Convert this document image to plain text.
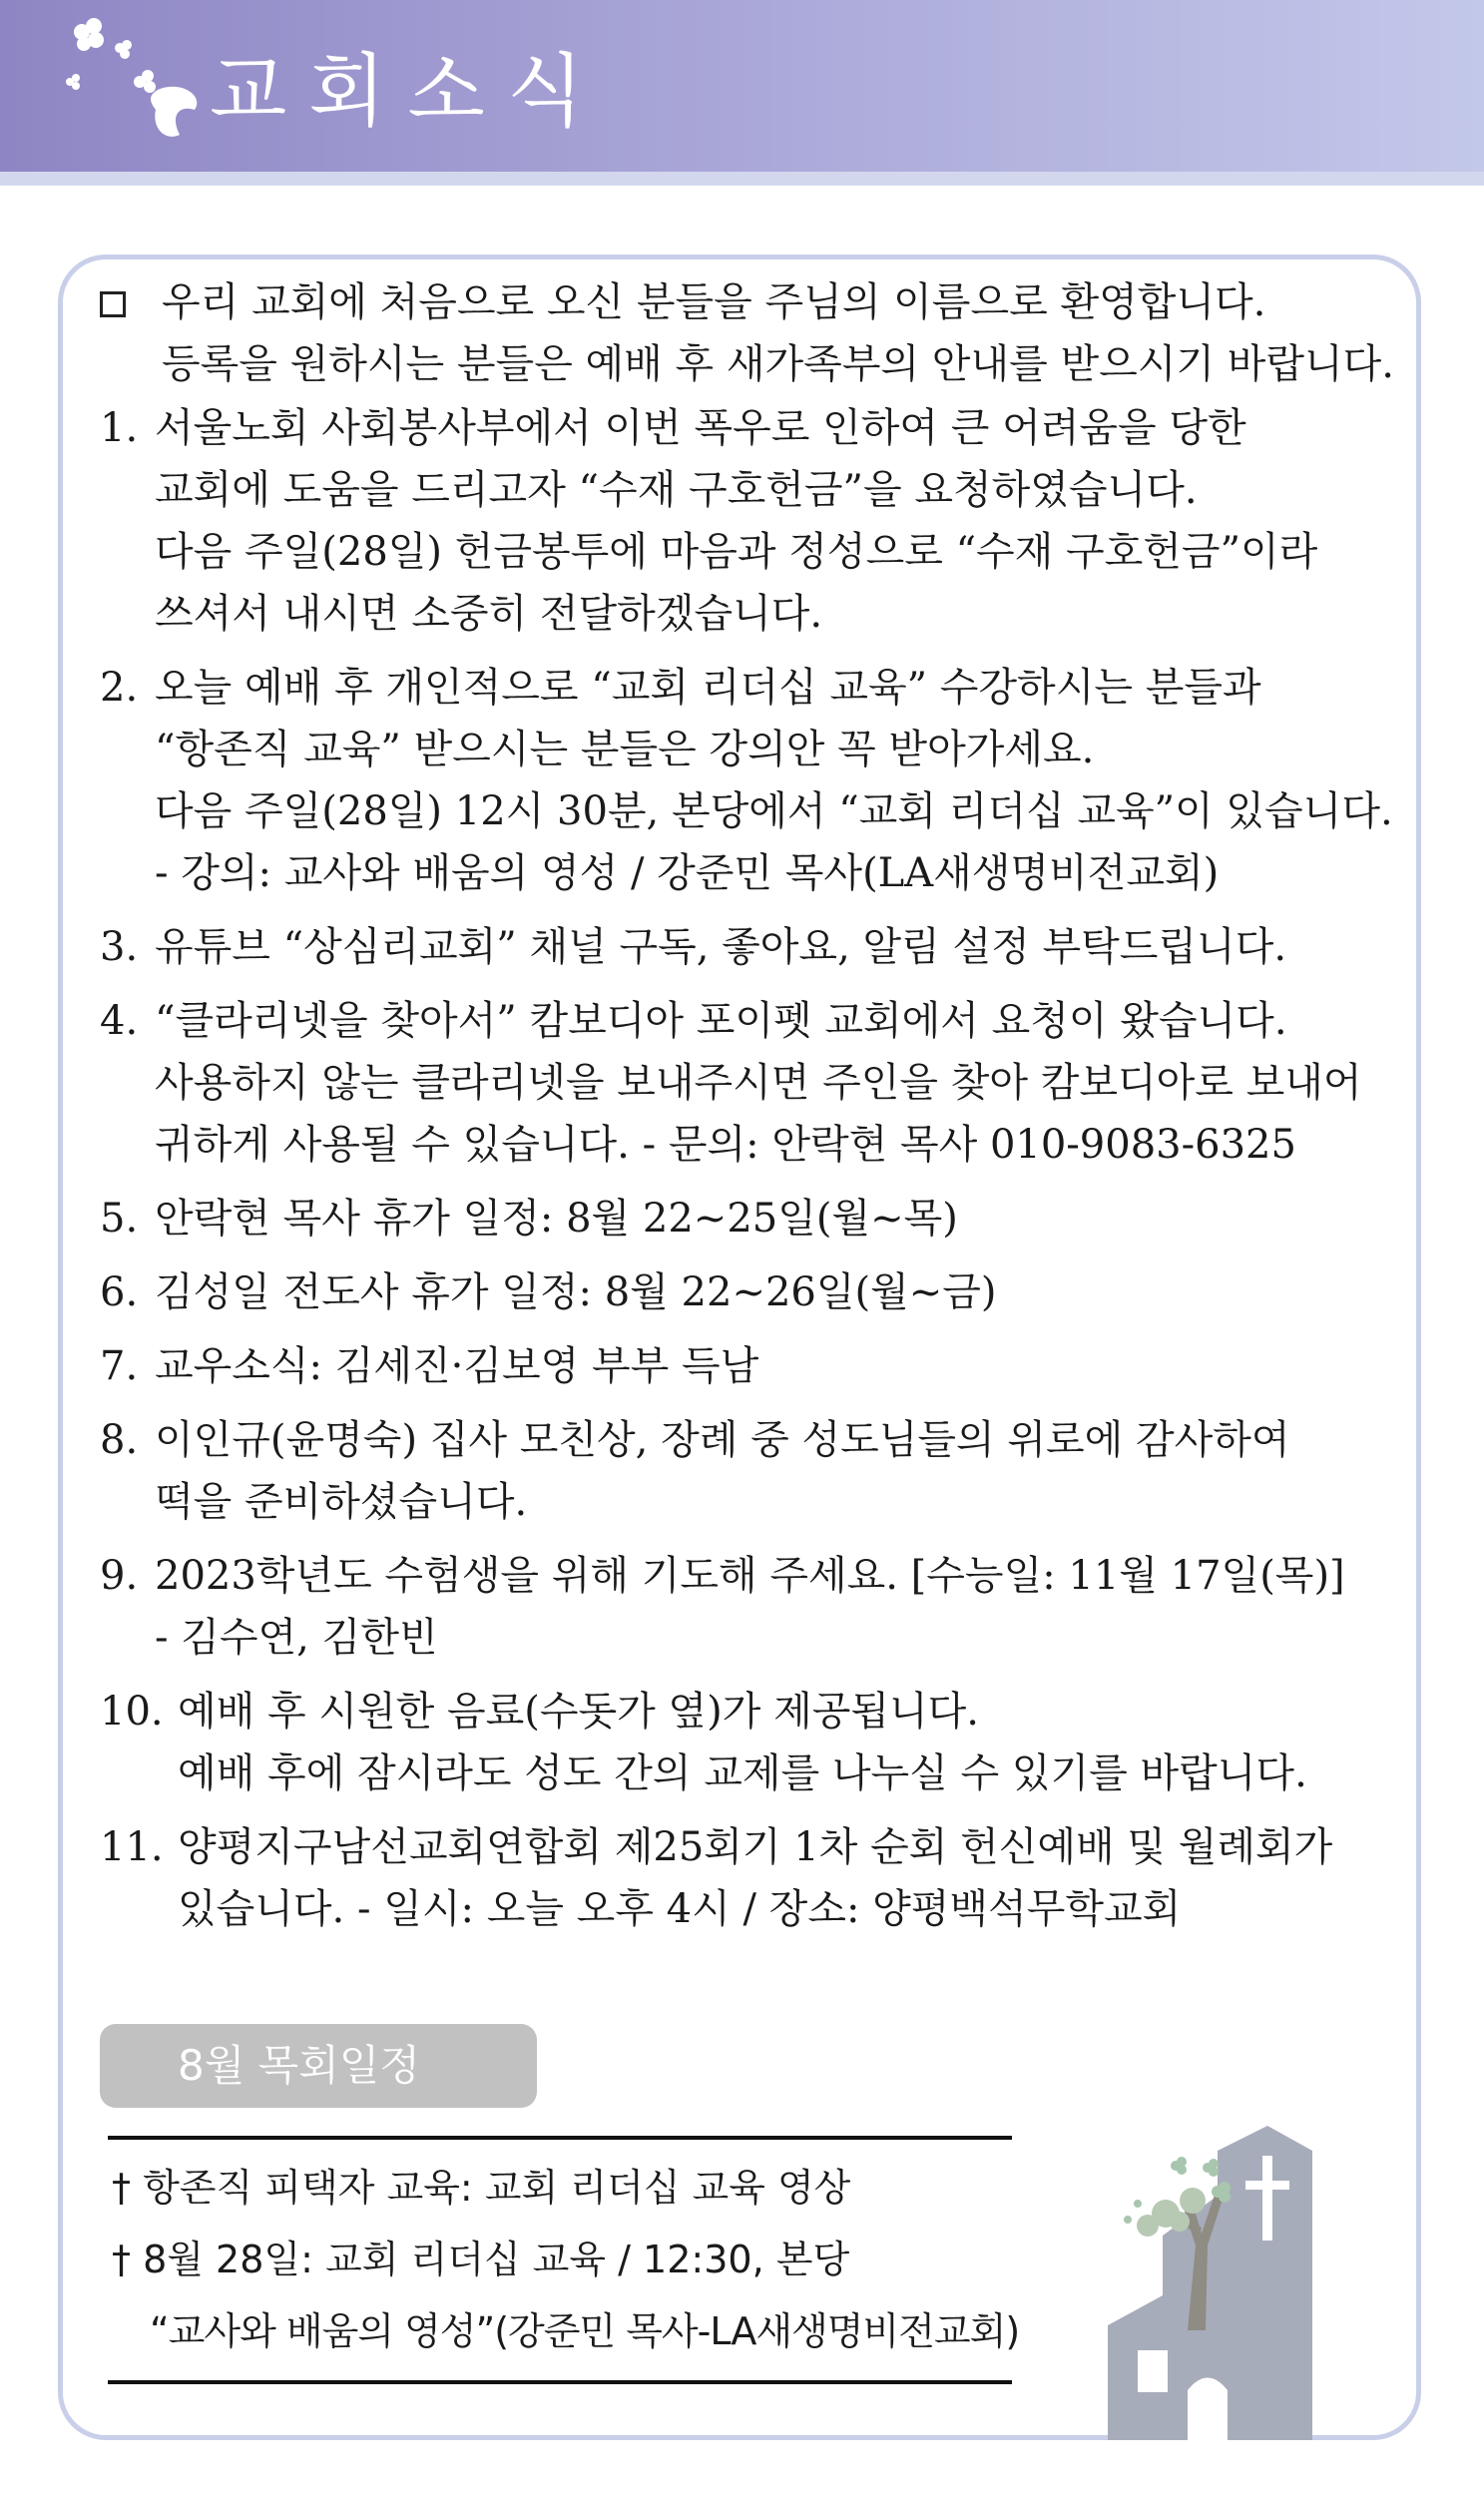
교회소식
우리 교회에 처음으로 오신 분들을 주님의 이름으로 환영합니다.
등록을 원하시는 분들은 예배 후 새가족부의 안내를 받으시기 바랍니다.
1. 서울노회 사회봉사부에서 이번 폭우로 인하여 큰 어려움을 당한
교회에 도움을 드리고자 “수재 구호헌금”을 요청하였습니다.
다음 주일(28일) 헌금봉투에 마음과 정성으로 “수재 구호헌금”이라
쓰셔서 내시면 소중히 전달하겠습니다.
2. 오늘 예배 후 개인적으로 “교회 리더십 교육” 수강하시는 분들과
“항존직 교육” 받으시는 분들은 강의안 꼭 받아가세요.
다음 주일(28일) 12시 30분, 본당에서 “교회 리더십 교육”이 있습니다.
- 강의: 교사와 배움의 영성 / 강준민 목사(LA새생명비전교회)
3. 유튜브 “상심리교회” 채널 구독, 좋아요, 알림 설정 부탁드립니다.
4. “클라리넷을 찾아서” 캄보디아 포이펫 교회에서 요청이 왔습니다.
사용하지 않는 클라리넷을 보내주시면 주인을 찾아 캄보디아로 보내어
귀하게 사용될 수 있습니다. - 문의: 안락현 목사 010-9083-6325
5. 안락현 목사 휴가 일정: 8월 22~25일(월~목)
6. 김성일 전도사 휴가 일정: 8월 22~26일(월~금)
7. 교우소식: 김세진·김보영 부부 득남
8. 이인규(윤명숙) 집사 모친상, 장례 중 성도님들의 위로에 감사하여
떡을 준비하셨습니다.
9. 2023학년도 수험생을 위해 기도해 주세요. [수능일: 11월 17일(목)]
- 김수연, 김한빈
10. 예배 후 시원한 음료(수돗가 옆)가 제공됩니다.
예배 후에 잠시라도 성도 간의 교제를 나누실 수 있기를 바랍니다.
11. 양평지구남선교회연합회 제25회기 1차 순회 헌신예배 및 월례회가
있습니다. - 일시: 오늘 오후 4시 / 장소: 양평백석무학교회
8월 목회일정
† 항존직 피택자 교육: 교회 리더십 교육 영상
† 8월 28일: 교회 리더십 교육 / 12:30, 본당
“교사와 배움의 영성”(강준민 목사-LA새생명비전교회)
